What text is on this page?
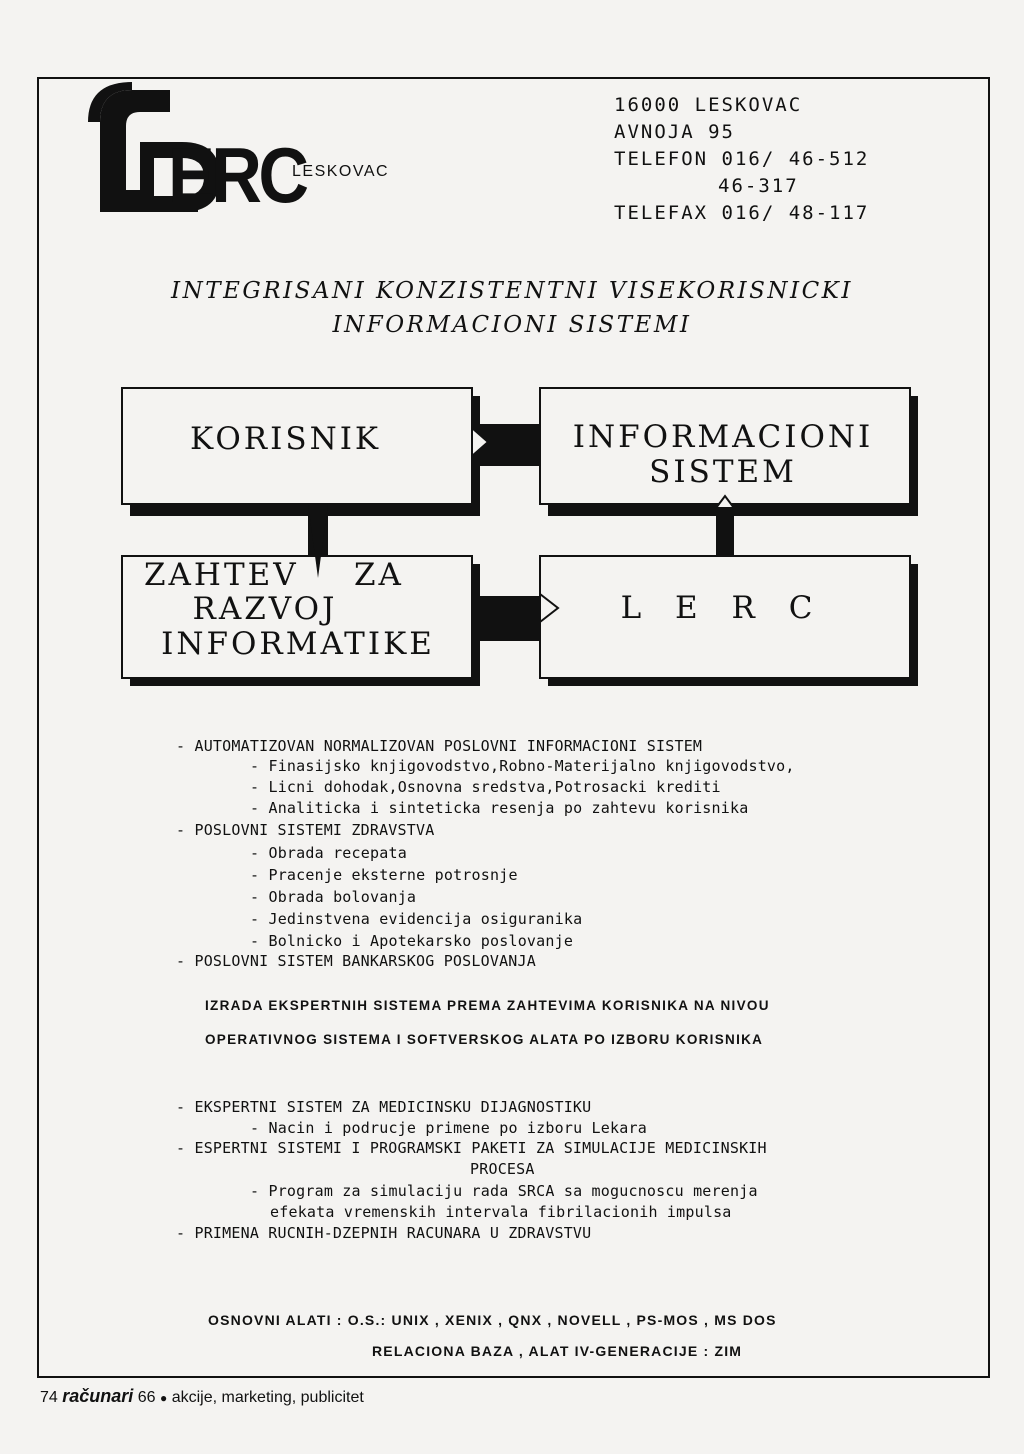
ERC
LESKOVAC
16000 LESKOVAC
AVNOJA 95
TELEFON 016/ 46-512
46-317
TELEFAX 016/ 48-117
INTEGRISANI KONZISTENTNI VISEKORISNICKI
INFORMACIONI SISTEMI
KORISNIK	INFORMACIONI
SISTEM
ZAHTEV ZA
RAZVOJ
INFORMATIKE
L E R C
- AUTOMATIZOVAN NORMALIZOVAN POSLOVNI INFORMACIONI SISTEM
- Finasijsko knjigovodstvo,Robno-Materijalno knjigovodstvo,
- Licni dohodak,Osnovna sredstva,Potrosacki krediti
- Analiticka i sinteticka resenja po zahtevu korisnika
- POSLOVNI SISTEMI ZDRAVSTVA
- Obrada recepata
- Pracenje eksterne potrosnje
- Obrada bolovanja
- Jedinstvena evidencija osiguranika
- Bolnicko i Apotekarsko poslovanje
- POSLOVNI SISTEM BANKARSKOG POSLOVANJA
IZRADA EKSPERTNIH SISTEMA PREMA ZAHTEVIMA KORISNIKA NA NIVOU
OPERATIVNOG SISTEMA I SOFTVERSKOG ALATA PO IZBORU KORISNIKA
- EKSPERTNI SISTEM ZA MEDICINSKU DIJAGNOSTIKU
- Nacin i podrucje primene po izboru Lekara
- ESPERTNI SISTEMI I PROGRAMSKI PAKETI ZA SIMULACIJE MEDICINSKIH
PROCESA
- Program za simulaciju rada SRCA sa mogucnoscu merenja
efekata vremenskih intervala fibrilacionih impulsa
- PRIMENA RUCNIH-DZEPNIH RACUNARA U ZDRAVSTVU
OSNOVNI ALATI : O.S.: UNIX , XENIX , QNX , NOVELL , PS-MOS , MS DOS
RELACIONA BAZA , ALAT IV-GENERACIJE : ZIM
74 računari 66 ● akcije, marketing, publicitet
